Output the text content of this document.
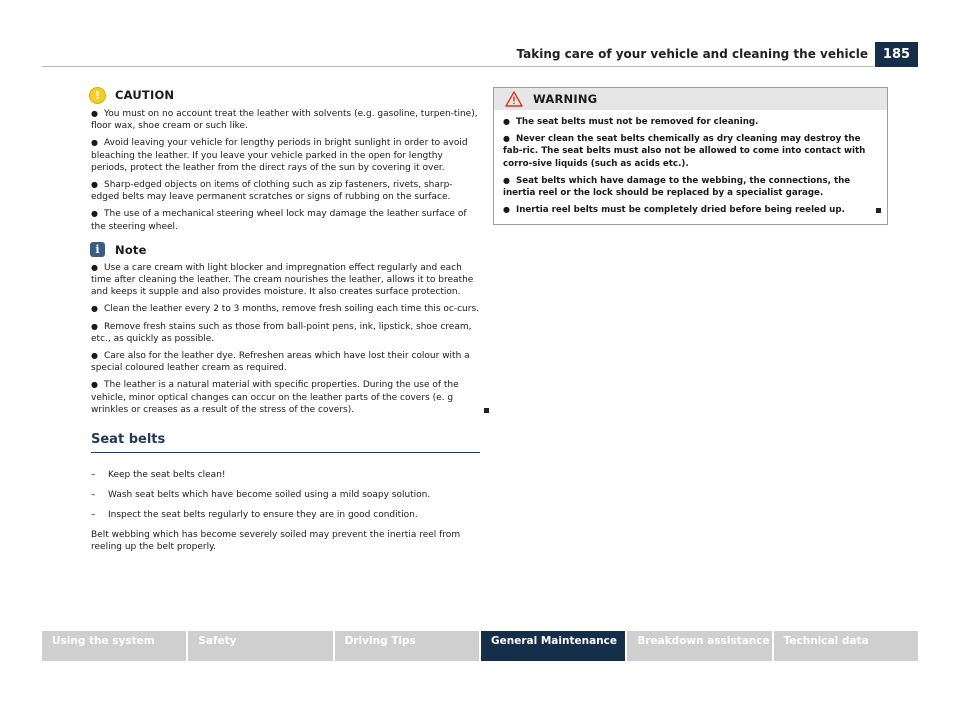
Taking care of your vehicle and cleaning the vehicle	185
!	CAUTION

● You must on no account treat the leather with solvents (e.g. gasoline, turpen-tine), floor wax, shoe cream or such like.

● Avoid leaving your vehicle for lengthy periods in bright sunlight in order to avoid bleaching the leather. If you leave your vehicle parked in the open for lengthy periods, protect the leather from the direct rays of the sun by covering it over.

● Sharp-edged objects on items of clothing such as zip fasteners, rivets, sharp-edged belts may leave permanent scratches or signs of rubbing on the surface.

● The use of a mechanical steering wheel lock may damage the leather surface of the steering wheel.

i	Note

● Use a care cream with light blocker and impregnation effect regularly and each time after cleaning the leather. The cream nourishes the leather, allows it to breathe and keeps it supple and also provides moisture. It also creates surface protection.

● Clean the leather every 2 to 3 months, remove fresh soiling each time this oc-curs.

● Remove fresh stains such as those from ball-point pens, ink, lipstick, shoe cream, etc., as quickly as possible.

● Care also for the leather dye. Refreshen areas which have lost their colour with a special coloured leather cream as required.

● The leather is a natural material with specific properties. During the use of the vehicle, minor optical changes can occur on the leather parts of the covers (e. g wrinkles or creases as a result of the stress of the covers).

Seat belts
–	Keep the seat belts clean!
–	Wash seat belts which have become soiled using a mild soapy solution.
–	Inspect the seat belts regularly to ensure they are in good condition.

Belt webbing which has become severely soiled may prevent the inertia reel from reeling up the belt properly.

WARNING

● The seat belts must not be removed for cleaning.

● Never clean the seat belts chemically as dry cleaning may destroy the fab-ric. The seat belts must also not be allowed to come into contact with corro-sive liquids (such as acids etc.).

● Seat belts which have damage to the webbing, the connections, the inertia reel or the lock should be replaced by a specialist garage.

● Inertia reel belts must be completely dried before being reeled up.

Using the system	Safety	Driving Tips	General Maintenance	Breakdown assistance	Technical data
